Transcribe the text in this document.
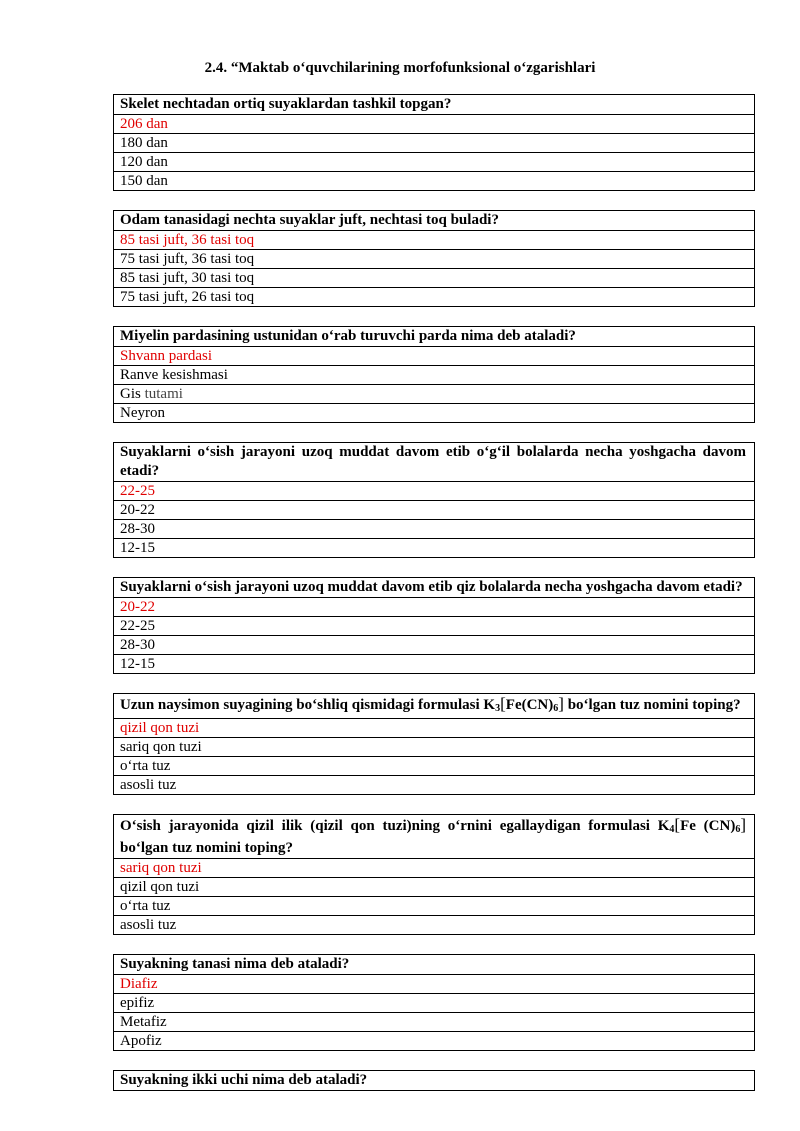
2.4. “Maktab o‘quvchilarining morfofunksional o‘zgarishlari
Skelet nechtadan ortiq suyaklardan tashkil topgan?
206 dan
180 dan
120 dan
150 dan
Odam tanasidagi nechta suyaklar juft, nechtasi toq buladi?
85 tasi juft, 36 tasi toq
75 tasi juft, 36 tasi toq
85 tasi juft, 30 tasi toq
75 tasi juft, 26 tasi toq
Miyelin pardasining ustunidan o‘rab turuvchi parda nima deb ataladi?
Shvann pardasi
Ranve kesishmasi
Gis tutami
Neyron
Suyaklarni o‘sish jarayoni uzoq muddat davom etib o‘g‘il bolalarda necha yoshgacha davom etadi?
22-25
20-22
28-30
12-15
Suyaklarni o‘sish jarayoni uzoq muddat davom etib qiz bolalarda necha yoshgacha davom etadi?
20-22
22-25
28-30
12-15
Uzun naysimon suyagining bo‘shliq qismidagi formulasi $K_3[Fe(CN)_6]$ bo‘lgan tuz nomini toping?
qizil qon tuzi
sariq qon tuzi
o‘rta tuz
asosli tuz
O‘sish jarayonida qizil ilik (qizil qon tuzi)ning o‘rnini egallaydigan formulasi $K_4[Fe$ $(CN)_6$] bo‘lgan tuz nomini toping?
sariq qon tuzi
qizil qon tuzi
o‘rta tuz
asosli tuz
Suyakning tanasi nima deb ataladi?
Diafiz
epifiz
Metafiz
Apofiz
Suyakning ikki uchi nima deb ataladi?
